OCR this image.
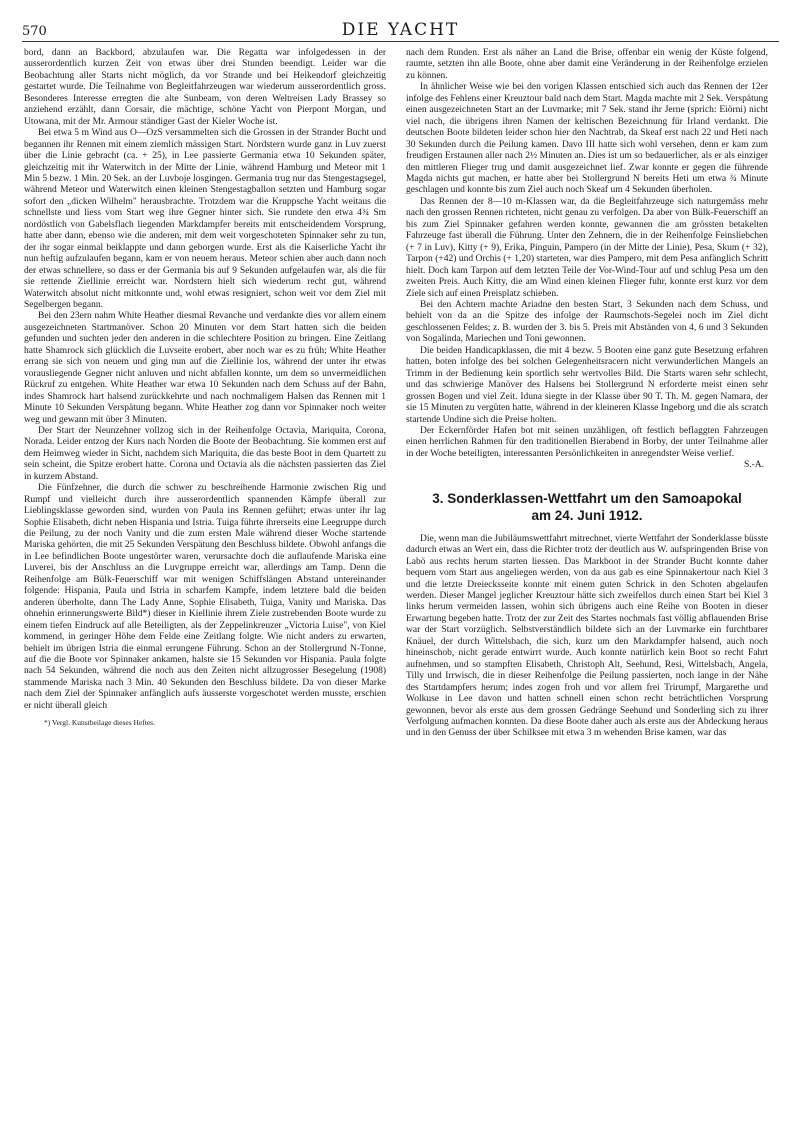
570	DIE YACHT

bord, dann an Backbord, abzulaufen war. Die Regatta war infolgedessen in der ausserordentlich kurzen Zeit von etwas über drei Stunden beendigt. Leider war die Beobachtung aller Starts nicht möglich, da vor Strande und bei Heikendorf gleichzeitig gestartet wurde. Die Teilnahme von Begleitfahrzeugen war wiederum ausserordentlich gross. Besonderes Interesse erregten die alte Sunbeam, von deren Weltreisen Lady Brassey so anziehend erzählt, dann Corsair, die mächtige, schöne Yacht von Pierpont Morgan, und Utowana, mit der Mr. Armour ständiger Gast der Kieler Woche ist.

Bei etwa 5 m Wind aus O—OzS versammelten sich die Grossen in der Strander Bucht und begannen ihr Rennen mit einem ziemlich mässigen Start. Nordstern wurde ganz in Luv zuerst über die Linie gebracht (ca. + 25), in Lee passierte Germania etwa 10 Sekunden später, gleichzeitig mit ihr Waterwitch in der Mitte der Linie, während Hamburg und Meteor mit 1 Min 5 bezw. 1 Min. 20 Sek. an der Luvboje losgingen. Germania trug nur das Stengestagsegel, während Meteor und Waterwitch einen kleinen Stengestagballon setzten und Hamburg sogar sofort den „dicken Wilhelm" herausbrachte. Trotzdem war die Kruppsche Yacht weitaus die schnellste und liess vom Start weg ihre Gegner hinter sich. Sie rundete den etwa 4¾ Sm nordöstlich von Gabelsflach liegenden Markdampfer bereits mit entscheidendem Vorsprung, hatte aber dann, ebenso wie die anderen, mit dem weit vorgeschoteten Spinnaker sehr zu tun, der ihr sogar einmal beiklappte und dann geborgen wurde. Erst als die Kaiserliche Yacht ihr nun heftig aufzulaufen begann, kam er von neuem heraus. Meteor schien aber auch dann noch der etwas schnellere, so dass er der Germania bis auf 9 Sekunden aufgelaufen war, als die für sie rettende Ziellinie erreicht war. Nordstern hielt sich wiederum recht gut, während Waterwitch absolut nicht mitkonnte und, wohl etwas resigniert, schon weit vor dem Ziel mit Segelbergen begann.

Bei den 23ern nahm White Heather diesmal Revanche und verdankte dies vor allem einem ausgezeichneten Startmanöver. Schon 20 Minuten vor dem Start hatten sich die beiden gefunden und suchten jeder den anderen in die schlechtere Position zu bringen. Eine Zeitlang hatte Shamrock sich glücklich die Luvseite erobert, aber noch war es zu früh; White Heather errang sie sich von neuem und ging nun auf die Ziellinie los, während der unter ihr etwas vorausliegende Gegner nicht anluven und nicht abfallen konnte, um dem so unvermeidlichen Rückruf zu entgehen. White Heather war etwa 10 Sekunden nach dem Schuss auf der Bahn, indes Shamrock hart halsend zurückkehrte und nach nochmaligem Halsen das Rennen mit 1 Minute 10 Sekunden Verspätung begann. White Heather zog dann vor Spinnaker noch weiter weg und gewann mit über 3 Minuten.

Der Start der Neunzehner vollzog sich in der Reihenfolge Octavia, Mariquita, Corona, Norada. Leider entzog der Kurs nach Norden die Boote der Beobachtung. Sie kommen erst auf dem Heimweg wieder in Sicht, nachdem sich Mariquita, die das beste Boot in dem Quartett zu sein scheint, die Spitze erobert hatte. Corona und Octavia als die nächsten passierten das Ziel in kurzem Abstand.

Die Fünfzehner, die durch die schwer zu beschreibende Harmonie zwischen Rig und Rumpf und vielleicht durch ihre ausserordentlich spannenden Kämpfe überall zur Lieblingsklasse geworden sind, wurden von Paula ins Rennen geführt; etwas unter ihr lag Sophie Elisabeth, dicht neben Hispania und Istria. Tuiga führte ihrerseits eine Leegruppe durch die Peilung, zu der noch Vanity und die zum ersten Male während dieser Woche startende Mariska gehörten, die mit 25 Sekunden Verspätung den Beschluss bildete. Obwohl anfangs die in Lee befindlichen Boote ungestörter waren, verursachte doch die auflaufende Mariska eine Luverei, bis der Anschluss an die Luvgruppe erreicht war, allerdings am Tamp. Denn die Reihenfolge am Bülk-Feuerschiff war mit wenigen Schiffslängen Abstand untereinander folgende: Hispania, Paula und Istria in scharfem Kampfe, indem letztere bald die beiden anderen überholte, dann The Lady Anne, Sophie Elisabeth, Tuiga, Vanity und Mariska. Das ohnehin erinnerungswerte Bild*) dieser in Kiellinie ihrem Ziele zustrebenden Boote wurde zu einem tiefen Eindruck auf alle Beteiligten, als der Zeppelinkreuzer „Victoria Luise", von Kiel kommend, in geringer Höhe dem Felde eine Zeitlang folgte. Wie nicht anders zu erwarten, behielt im übrigen Istria die einmal errungene Führung. Schon an der Stollergrund N-Tonne, auf die die Boote vor Spinnaker ankamen, halste sie 15 Sekunden vor Hispania. Paula folgte nach 54 Sekunden, während die noch aus den Zeiten nicht allzugrosser Besegelung (1908) stammende Mariska nach 3 Min. 40 Sekunden den Beschluss bildete. Da von dieser Marke nach dem Ziel der Spinnaker anfänglich aufs äusserste vorgeschotet werden musste, erschien er nicht überall gleich

*) Vergl. Kunstbeilage dieses Heftes.

nach dem Runden. Erst als näher an Land die Brise, offenbar ein wenig der Küste folgend, raumte, setzten ihn alle Boote, ohne aber damit eine Veränderung in der Reihenfolge erzielen zu können.

In ähnlicher Weise wie bei den vorigen Klassen entschied sich auch das Rennen der 12er infolge des Fehlens einer Kreuztour bald nach dem Start. Magda machte mit 2 Sek. Verspätung einen ausgezeichneten Start an der Luvmarke; mit 7 Sek. stand ihr Jerne (sprich: Eiörni) nicht viel nach, die übrigens ihren Namen der keltischen Bezeichnung für Irland verdankt. Die deutschen Boote bildeten leider schon hier den Nachtrab, da Skeaf erst nach 22 und Heti nach 30 Sekunden durch die Peilung kamen. Davo III hatte sich wohl versehen, denn er kam zum freudigen Erstaunen aller nach 2½ Minuten an. Dies ist um so bedauerlicher, als er als einziger den mittleren Flieger trug und damit ausgezeichnet lief. Zwar konnte er gegen die führende Magda nichts gut machen, er hatte aber bei Stollergrund N bereits Heti um etwa ¾ Minute geschlagen und konnte bis zum Ziel auch noch Skeaf um 4 Sekunden überholen.

Das Rennen der 8—10 m-Klassen war, da die Begleitfahrzeuge sich naturgemäss mehr nach den grossen Rennen richteten, nicht genau zu verfolgen. Da aber von Bülk-Feuerschiff an bis zum Ziel Spinnaker gefahren werden konnte, gewannen die am grössten betakelten Fahrzeuge fast überall die Führung. Unter den Zehnern, die in der Reihenfolge Feinsliebchen (+ 7 in Luv), Kitty (+ 9), Erika, Pinguin, Pampero (in der Mitte der Linie), Pesa, Skum (+ 32), Tarpon (+42) und Orchis (+ 1,20) starteten, war dies Pampero, mit dem Pesa anfänglich Schritt hielt. Doch kam Tarpon auf dem letzten Teile der Vor-Wind-Tour auf und schlug Pesa um den zweiten Preis. Auch Kitty, die am Wind einen kleinen Flieger fuhr, konnte erst kurz vor dem Ziele sich auf einen Preisplatz schieben.

Bei den Achtern machte Ariadne den besten Start, 3 Sekunden nach dem Schuss, und behielt von da an die Spitze des infolge der Raumschots-Segelei noch im Ziel dicht geschlossenen Feldes; z. B. wurden der 3. bis 5. Preis mit Abständen von 4, 6 und 3 Sekunden von Sogalinda, Mariechen und Toni gewonnen.

Die beiden Handicapklassen, die mit 4 bezw. 5 Booten eine ganz gute Besetzung erfahren hatten, boten infolge des bei solchen Gelegenheitsracern nicht verwunderlichen Mangels an Trimm in der Bedienung kein sportlich sehr wertvolles Bild. Die Starts waren sehr schlecht, und das schwierige Manöver des Halsens bei Stollergrund N erforderte meist einen sehr grossen Bogen und viel Zeit. Iduna siegte in der Klasse über 90 T. Th. M. gegen Namara, der sie 15 Minuten zu vergüten hatte, während in der kleineren Klasse Ingeborg und die als scratch startende Undine sich die Preise holten.

Der Eckernförder Hafen bot mit seinen unzähligen, oft festlich beflaggten Fahrzeugen einen herrlichen Rahmen für den traditionellen Bierabend in Borby, der unter Teilnahme aller in der Woche beteiligten, interessanten Persönlichkeiten in anregendster Weise verlief.

S.-A.

3. Sonderklassen-Wettfahrt um den Samoapokal
am 24. Juni 1912.

Die, wenn man die Jubiläumswettfahrt mitrechnet, vierte Wettfahrt der Sonderklasse büsste dadurch etwas an Wert ein, dass die Richter trotz der deutlich aus W. aufspringenden Brise von Labö aus rechts herum starten liessen. Das Markboot in der Strander Bucht konnte daher bequem vom Start aus angeliegen werden, von da aus gab es eine Spinnakertour nach Kiel 3 und die letzte Dreiecksseite konnte mit einem guten Schrick in den Schoten abgelaufen werden. Dieser Mangel jeglicher Kreuztour hätte sich zweifellos durch einen Start bei Kiel 3 links herum vermeiden lassen, wohin sich übrigens auch eine Reihe von Booten in dieser Erwartung begeben hatte. Trotz der zur Zeit des Startes nochmals fast völlig abflauenden Brise war der Start vorzüglich. Selbstverständlich bildete sich an der Luvmarke ein furchtbarer Knäuel, der durch Wittelsbach, die sich, kurz um den Markdampfer halsend, auch noch hineinschob, nicht gerade entwirrt wurde. Auch konnte natürlich kein Boot so recht Fahrt aufnehmen, und so stampften Elisabeth, Christoph Alt, Seehund, Resi, Wittelsbach, Angela, Tilly und Irrwisch, die in dieser Reihenfolge die Peilung passierten, noch lange in der Nähe des Startdampfers herum; indes zogen froh und vor allem frei Trirumpf, Margarethe und Wolkuse in Lee davon und hatten schnell einen schon recht beträchtlichen Vorsprung gewonnen, bevor als erste aus dem grossen Gedränge Seehund und Sonderling sich zu ihrer Verfolgung aufmachen konnten. Da diese Boote daher auch als erste aus der Abdeckung heraus und in den Genuss der über Schilksee mit etwa 3 m wehenden Brise kamen, war das
